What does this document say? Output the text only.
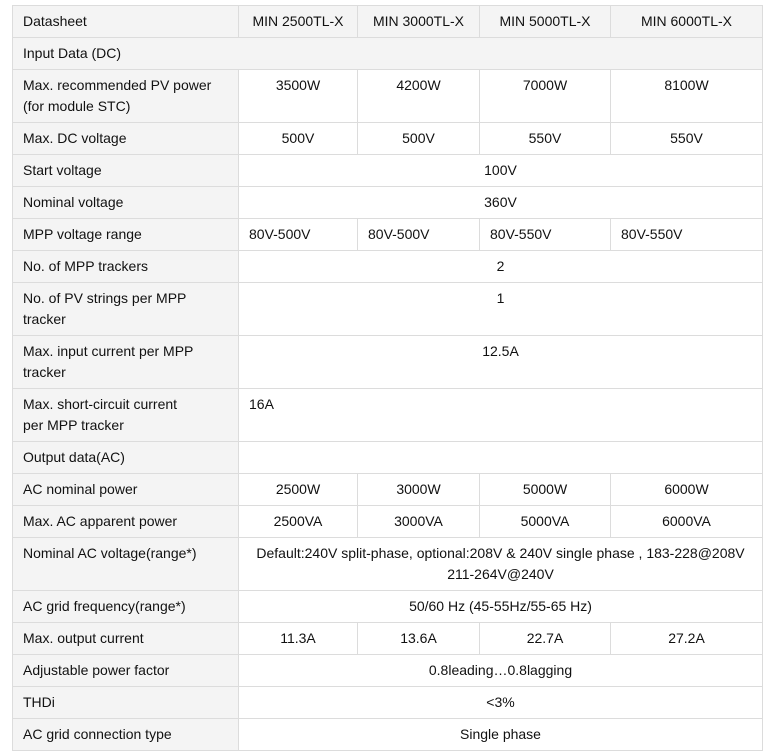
Datasheet	MIN 2500TL-X	MIN 3000TL-X	MIN 5000TL-X	MIN 6000TL-X
Input Data (DC)				

Max. recommended PV power
(for module STC)	3500W	4200W	7000W	8100W
Max. DC voltage	500V	500V	550V	550V
Start voltage	100V			
Nominal voltage	360V			
MPP voltage range	80V-500V	80V-500V	80V-550V	80V-550V
No. of MPP trackers	2			

No. of PV strings per MPP
tracker	1			

Max. input current per MPP
tracker	12.5A			

Max. short-circuit current
per MPP tracker	16A			
Output data(AC)				
AC nominal power	2500W	3000W	5000W	6000W
Max. AC apparent power	2500VA	3000VA	5000VA	6000VA
Nominal AC voltage(range*)	Default:240V split-phase, optional:208V & 240V single phase , 183-228@208V
211-264V@240V			

AC grid frequency(range*)	50/60 Hz (45-55Hz/55-65 Hz)			
Max. output current	11.3A	13.6A	22.7A	27.2A
Adjustable power factor	0.8leading…0.8lagging			
THDi	<3%			
AC grid connection type	Single phase			
